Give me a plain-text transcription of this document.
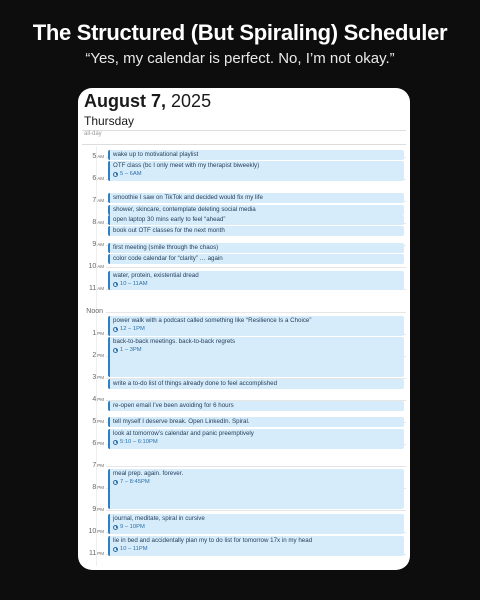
The Structured (But Spiraling) Scheduler
“Yes, my calendar is perfect. No, I’m not okay.”
August 7, 2025
Thursday
all-day
5AM
6AM
7AM
8AM
9AM
10AM
11AM
Noon
1PM
2PM
3PM
4PM
5PM
6PM
7PM
8PM
9PM
10PM
11PM
wake up to motivational playlist
OTF class (bc I only meet with my therapist biweekly)
5 – 6AM
smoothie I saw on TikTok and decided would fix my life
shower, skincare, contemplate deleting social media
open laptop 30 mins early to feel “ahead”
book out OTF classes for the next month
first meeting (smile through the chaos)
color code calendar for “clarity” … again
water, protein, existential dread
10 – 11AM
power walk with a podcast called something like “Resilience Is a Choice”
12 – 1PM
back-to-back meetings. back-to-back regrets
1 – 3PM
write a to-do list of things already done to feel accomplished
re-open email I’ve been avoiding for 6 hours
tell myself I deserve break. Open LinkedIn. Spiral.
look at tomorrow’s calendar and panic preemptively
5:10 – 6:10PM
meal prep. again. forever.
7 – 8:45PM
journal, meditate, spiral in cursive
9 – 10PM
lie in bed and accidentally plan my to do list for tomorrow 17x in my head
10 – 11PM
